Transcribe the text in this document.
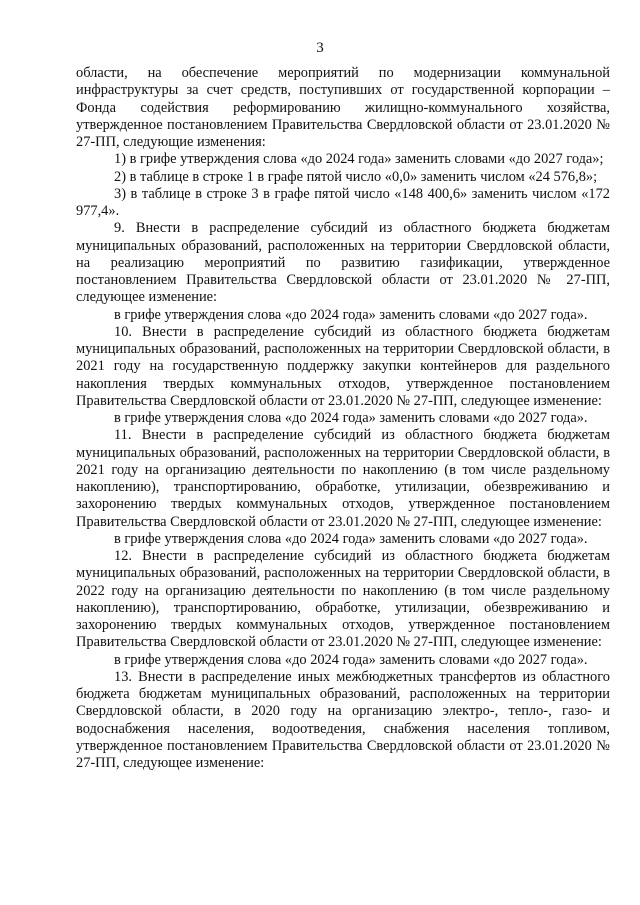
3

области, на обеспечение мероприятий по модернизации коммунальной инфраструктуры за счет средств, поступивших от государственной корпорации – Фонда содействия реформированию жилищно-коммунального хозяйства, утвержденное постановлением Правительства Свердловской области от 23.01.2020 № 27-ПП, следующие изменения:

1) в грифе утверждения слова «до 2024 года» заменить словами «до 2027 года»;

2) в таблице в строке 1 в графе пятой число «0,0» заменить числом «24 576,8»;

3) в таблице в строке 3 в графе пятой число «148 400,6» заменить числом «172 977,4».

9. Внести в распределение субсидий из областного бюджета бюджетам муниципальных образований, расположенных на территории Свердловской области, на реализацию мероприятий по развитию газификации, утвержденное постановлением Правительства Свердловской области от 23.01.2020 № 27-ПП, следующее изменение:

в грифе утверждения слова «до 2024 года» заменить словами «до 2027 года».

10. Внести в распределение субсидий из областного бюджета бюджетам муниципальных образований, расположенных на территории Свердловской области, в 2021 году на государственную поддержку закупки контейнеров для раздельного накопления твердых коммунальных отходов, утвержденное постановлением Правительства Свердловской области от 23.01.2020 № 27-ПП, следующее изменение:

в грифе утверждения слова «до 2024 года» заменить словами «до 2027 года».

11. Внести в распределение субсидий из областного бюджета бюджетам муниципальных образований, расположенных на территории Свердловской области, в 2021 году на организацию деятельности по накоплению (в том числе раздельному накоплению), транспортированию, обработке, утилизации, обезвреживанию и захоронению твердых коммунальных отходов, утвержденное постановлением Правительства Свердловской области от 23.01.2020 № 27-ПП, следующее изменение:

в грифе утверждения слова «до 2024 года» заменить словами «до 2027 года».

12. Внести в распределение субсидий из областного бюджета бюджетам муниципальных образований, расположенных на территории Свердловской области, в 2022 году на организацию деятельности по накоплению (в том числе раздельному накоплению), транспортированию, обработке, утилизации, обезвреживанию и захоронению твердых коммунальных отходов, утвержденное постановлением Правительства Свердловской области от 23.01.2020 № 27-ПП, следующее изменение:

в грифе утверждения слова «до 2024 года» заменить словами «до 2027 года».

13. Внести в распределение иных межбюджетных трансфертов из областного бюджета бюджетам муниципальных образований, расположенных на территории Свердловской области, в 2020 году на организацию электро-, тепло-, газо- и водоснабжения населения, водоотведения, снабжения населения топливом, утвержденное постановлением Правительства Свердловской области от 23.01.2020 № 27-ПП, следующее изменение:
